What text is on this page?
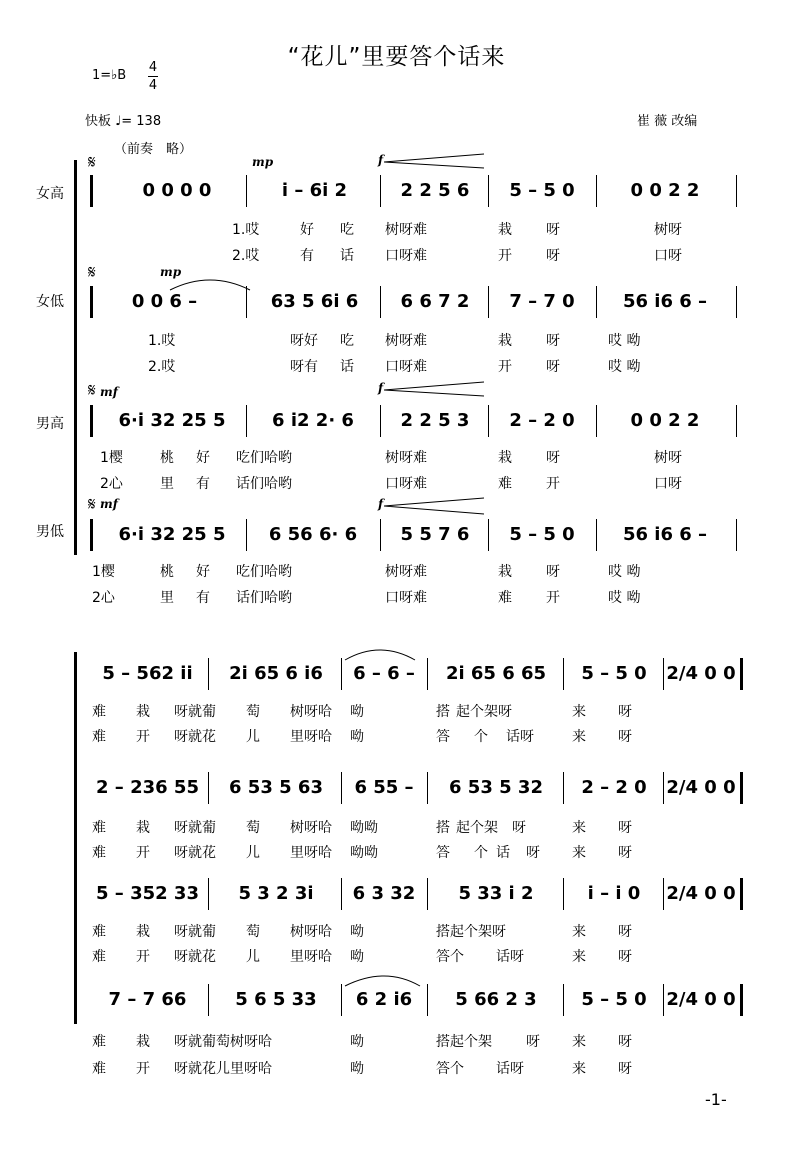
“花儿”里要答个话来
1=♭B
4
4
快板 ♩= 138	崔 薇 改编
（前奏　略）
女高
女低
男高
男低
mp	f
mp
mf	f
mf	f
𝄋
𝄋
𝄋
𝄋
0 0 0 0	i – 6i 2	2 2 5 6	5 – 5 0	0 0 2 2
1.哎	好 吃 树呀难	栽 呀	树呀
2.哎	有 话 口呀难	开 呀	口呀
0 0 6 –	63 5 6i 6	6 6 7 2	7 – 7 0	56 i6 6 –
1.哎	呀好 吃 树呀难	栽 呀	哎 呦
2.哎	呀有 话 口呀难	开 呀	哎 呦
6·i 32 25 5	6 i2 2· 6	2 2 5 3	2 – 2 0	0 0 2 2
1樱	桃 好 吃们哈哟	树呀难	栽 呀	树呀
2心	里 有 话们哈哟	口呀难	难 开	口呀
6·i 32 25 5	6 56 6· 6	5 5 7 6	5 – 5 0	56 i6 6 –
1樱	桃 好 吃们哈哟	树呀难	栽 呀	哎 呦
2心	里 有 话们哈哟	口呀难	难 开	哎 呦
5 – 562 ii	2i 65 6 i6	6 – 6 –	2i 65 6 65	5 – 5 0	2/4 0 0
难 栽 呀就葡 萄 树呀哈 呦	搭 起个架呀	来 呀
难 开 呀就花 儿 里呀哈 呦	答 个 话呀	来 呀
2 – 236 55	6 53 5 63	6 55 –	6 53 5 32	2 – 2 0	2/4 0 0
难 栽 呀就葡 萄 树呀哈 呦呦	搭 起个架 呀	来 呀
难 开 呀就花 儿 里呀哈 呦呦	答 个 话 呀 来 呀
5 – 352 33	5 3 2 3i	6 3 32	5 33 i 2	i – i 0	2/4 0 0
难 栽 呀就葡 萄 树呀哈 呦	搭起个架呀	来 呀
难 开 呀就花 儿 里呀哈 呦	答个 话呀	来 呀
7 – 7 66	5 6 5 33	6 2 i6	5 66 2 3	5 – 5 0	2/4 0 0
难 栽 呀就葡萄树呀哈	呦	搭起个架 呀 来 呀
难 开 呀就花儿里呀哈	呦	答个 话呀	来 呀
-1-
